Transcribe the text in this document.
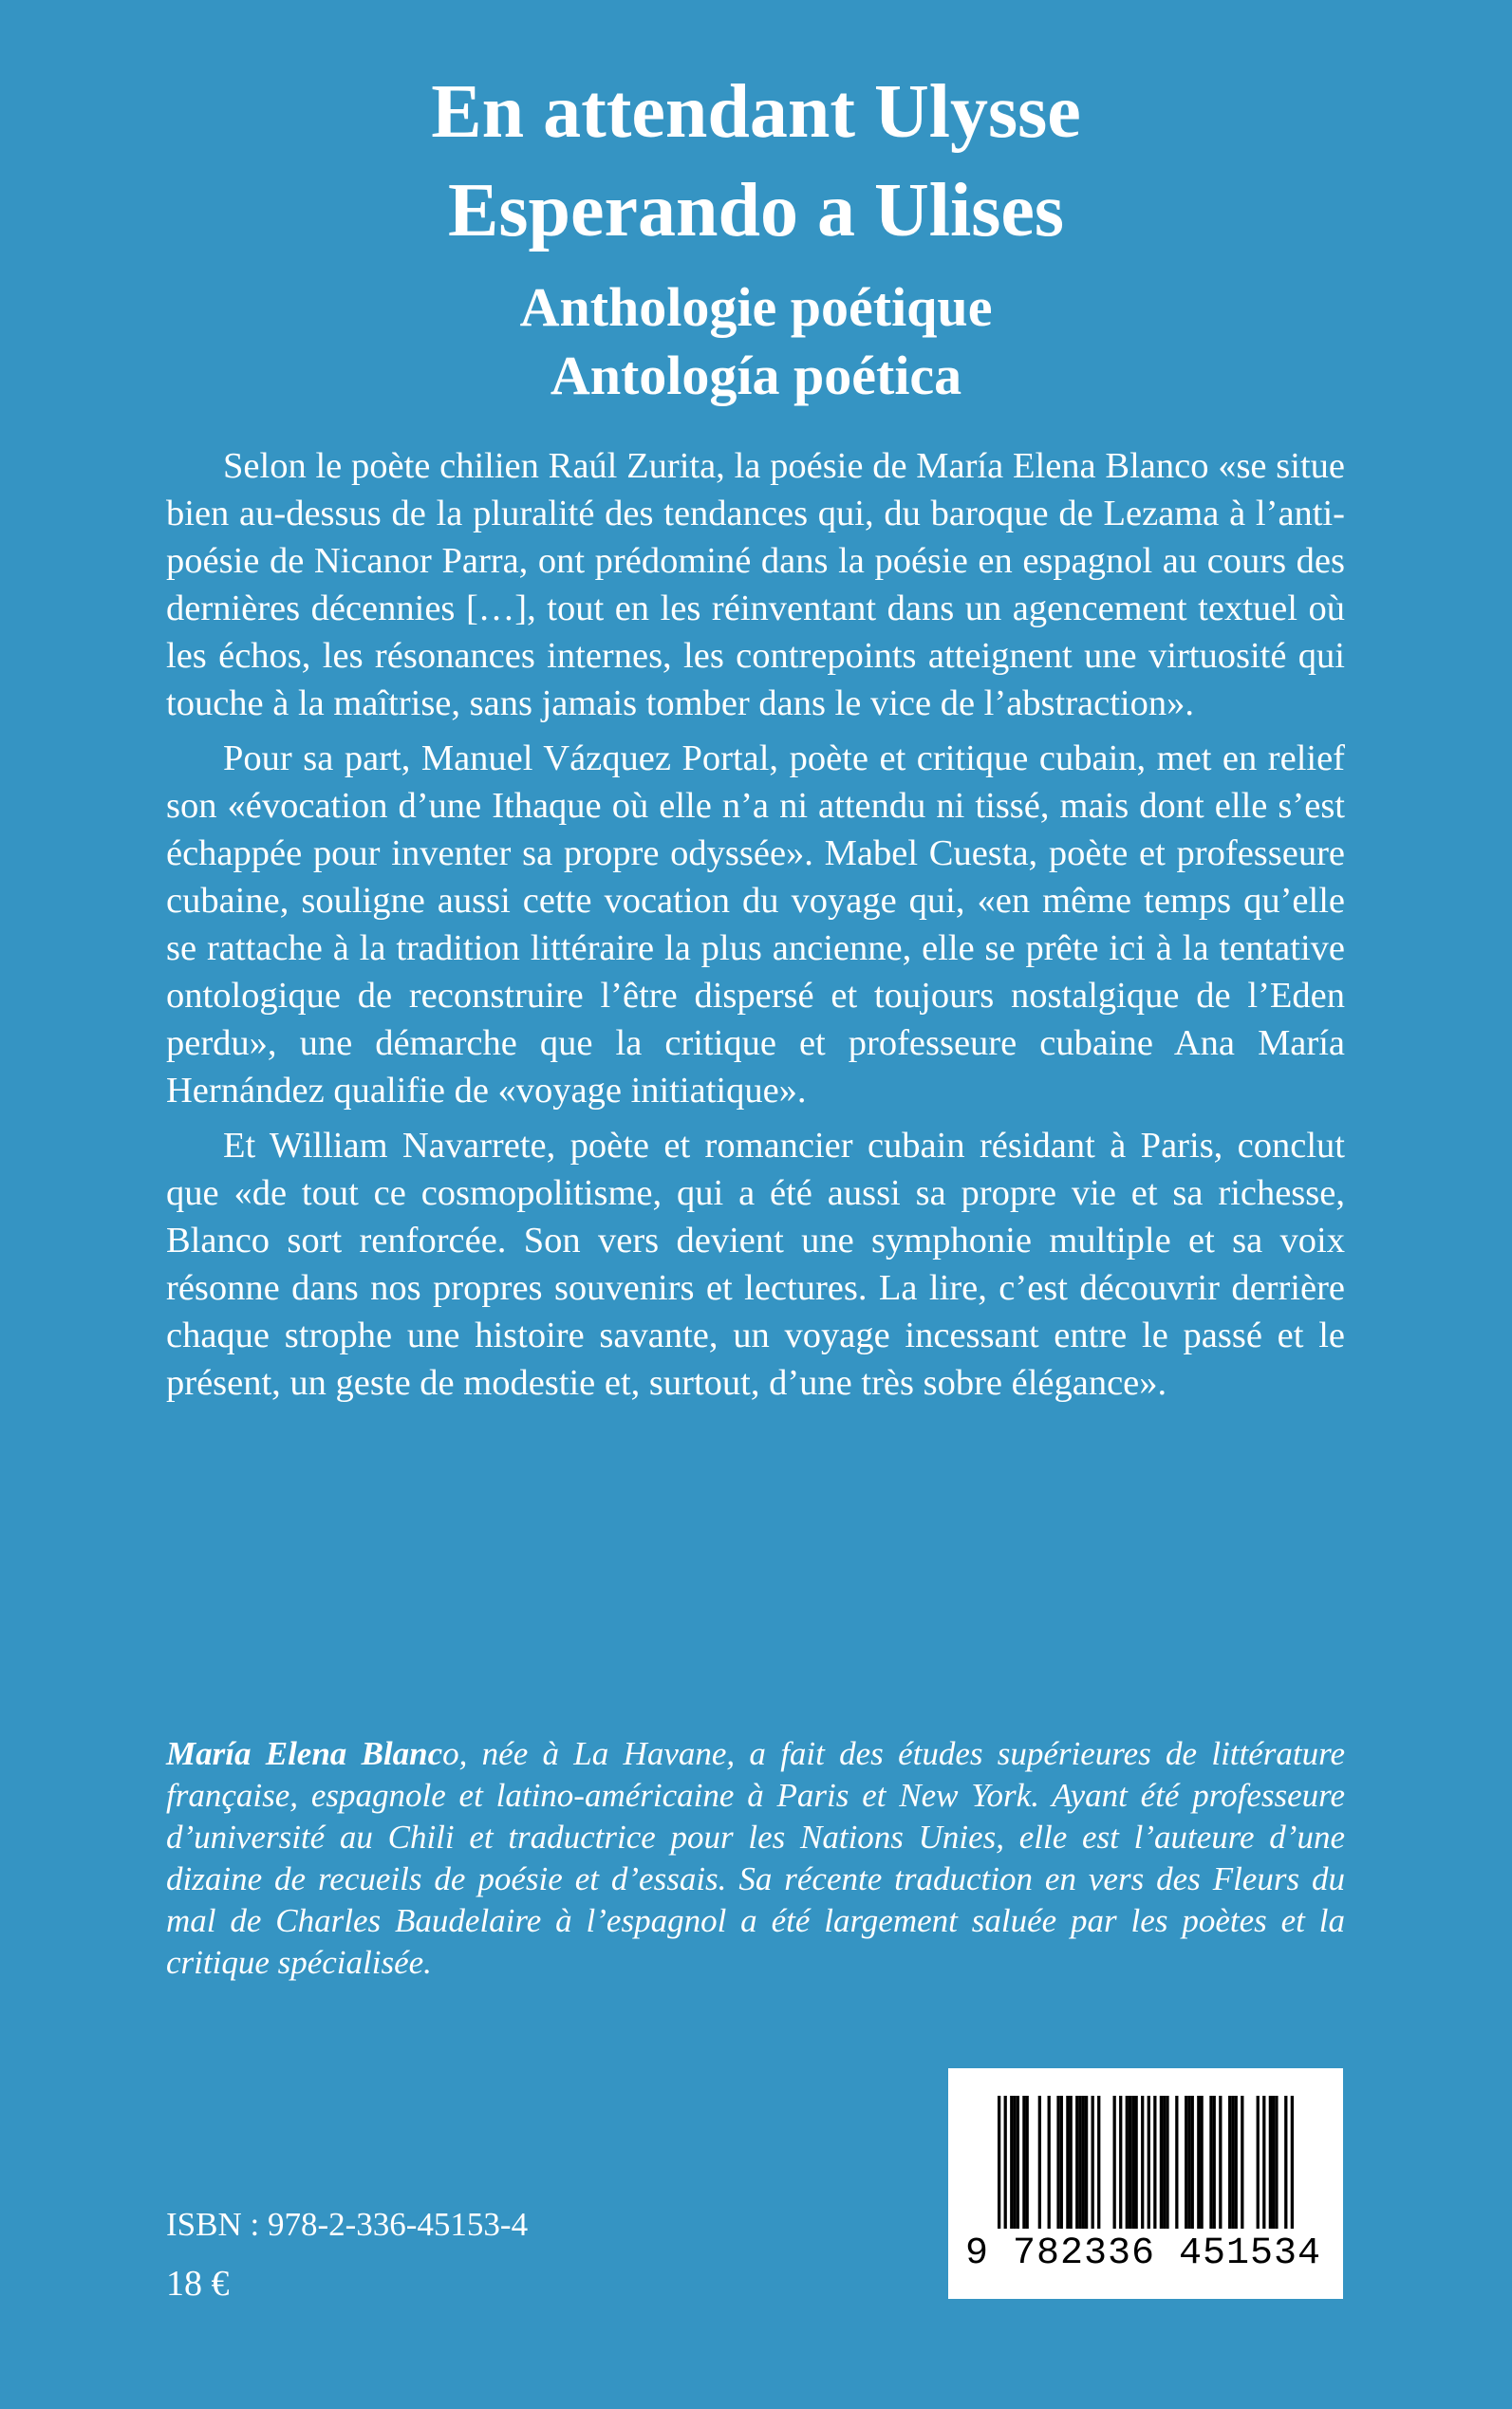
En attendant Ulysse
Esperando a Ulises
Anthologie poétique
Antología poética

Selon le poète chilien Raúl Zurita, la poésie de María Elena Blanco «se situe bien au-dessus de la pluralité des tendances qui, du baroque de Lezama à l’anti-poésie de Nicanor Parra, ont prédominé dans la poésie en espagnol au cours des dernières décennies […], tout en les réinventant dans un agencement textuel où les échos, les résonances internes, les contrepoints atteignent une virtuosité qui touche à la maîtrise, sans jamais tomber dans le vice de l’abstraction».

Pour sa part, Manuel Vázquez Portal, poète et critique cubain, met en relief son «évocation d’une Ithaque où elle n’a ni attendu ni tissé, mais dont elle s’est échappée pour inventer sa propre odyssée». Mabel Cuesta, poète et professeure cubaine, souligne aussi cette vocation du voyage qui, «en même temps qu’elle se rattache à la tradition littéraire la plus ancienne, elle se prête ici à la tentative ontologique de reconstruire l’être dispersé et toujours nostalgique de l’Eden perdu», une démarche que la critique et professeure cubaine Ana María Hernández qualifie de «voyage initiatique».

Et William Navarrete, poète et romancier cubain résidant à Paris, conclut que «de tout ce cosmopolitisme, qui a été aussi sa propre vie et sa richesse, Blanco sort renforcée. Son vers devient une symphonie multiple et sa voix résonne dans nos propres souvenirs et lectures. La lire, c’est découvrir derrière chaque strophe une histoire savante, un voyage incessant entre le passé et le présent, un geste de modestie et, surtout, d’une très sobre élégance».

María Elena Blanco, née à La Havane, a fait des études supérieures de littérature française, espagnole et latino-américaine à Paris et New York. Ayant été professeure d’université au Chili et traductrice pour les Nations Unies, elle est l’auteure d’une dizaine de recueils de poésie et d’essais. Sa récente traduction en vers des Fleurs du mal de Charles Baudelaire à l’espagnol a été largement saluée par les poètes et la critique spécialisée.
9 782336 451534
ISBN : 978-2-336-45153-4
18 €
